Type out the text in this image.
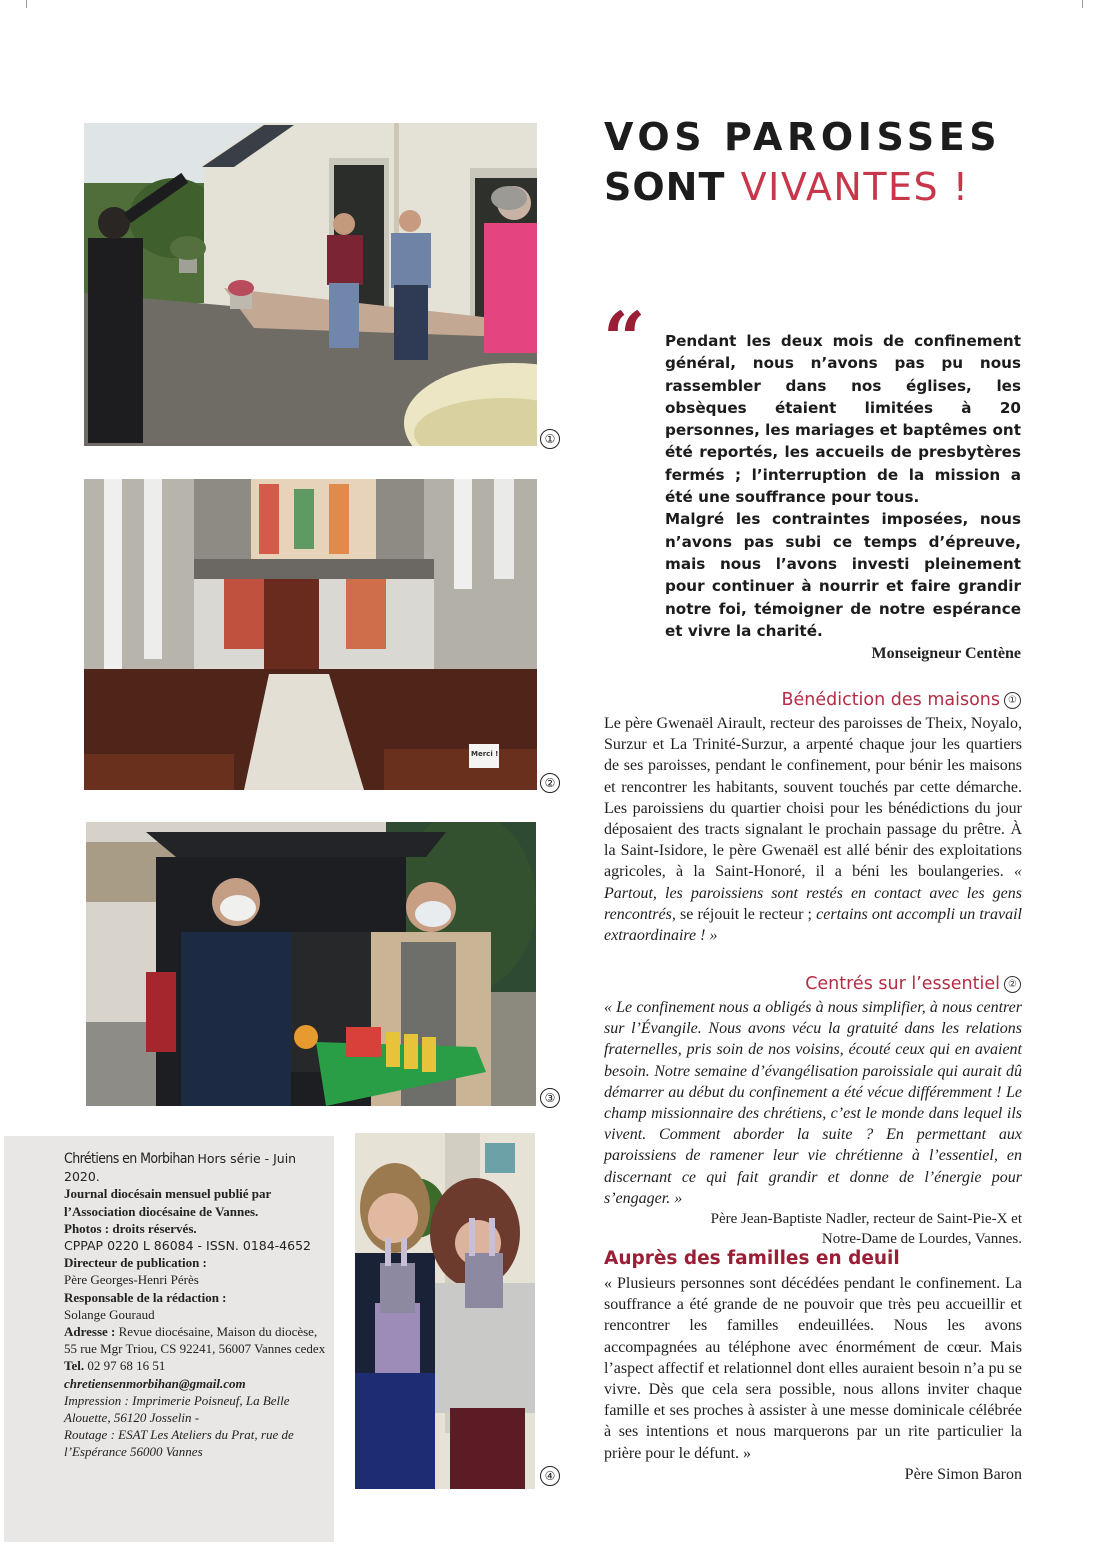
①
Merci !
②
③
④
VOS PAROISSES
SONT VIVANTES !
“ Pendant les deux mois de confinement général, nous n’avons pas pu nous rassembler dans nos églises, les obsèques étaient limitées à 20 personnes, les mariages et baptêmes ont été reportés, les accueils de presbytères fermés ; l’interruption de la mission a été une souffrance pour tous.

Malgré les contraintes imposées, nous n’avons pas subi ce temps d’épreuve, mais nous l’avons investi pleinement pour continuer à nourrir et faire grandir notre foi, témoigner de notre espérance et vivre la charité.

Monseigneur Centène
Bénédiction des maisons ①

Le père Gwenaël Airault, recteur des paroisses de Theix, Noyalo, Surzur et La Trinité-Surzur, a arpenté chaque jour les quartiers de ses paroisses, pendant le confinement, pour bénir les maisons et rencontrer les habitants, souvent touchés par cette démarche. Les paroissiens du quartier choisi pour les bénédictions du jour déposaient des tracts signalant le prochain passage du prêtre. À la Saint-Isidore, le père Gwenaël est allé bénir des exploitations agricoles, à la Saint-Honoré, il a béni les boulangeries. « Partout, les paroissiens sont restés en contact avec les gens rencontrés, se réjouit le recteur ; certains ont accompli un travail extraordinaire ! »

Centrés sur l’essentiel ②

« Le confinement nous a obligés à nous simplifier, à nous centrer sur l’Évangile. Nous avons vécu la gratuité dans les relations fraternelles, pris soin de nos voisins, écouté ceux qui en avaient besoin. Notre semaine d’évangélisation paroissiale qui aurait dû démarrer au début du confinement a été vécue différemment ! Le champ missionnaire des chrétiens, c’est le monde dans lequel ils vivent. Comment aborder la suite ? En permettant aux paroissiens de ramener leur vie chrétienne à l’essentiel, en discernant ce qui fait grandir et donne de l’énergie pour s’engager. »

Père Jean-Baptiste Nadler, recteur de Saint-Pie-X et
Notre-Dame de Lourdes, Vannes.
Auprès des familles en deuil

« Plusieurs personnes sont décédées pendant le confinement. La souffrance a été grande de ne pouvoir que très peu accueillir et rencontrer les familles endeuillées. Nous les avons accompagnées au téléphone avec énormément de cœur. Mais l’aspect affectif et relationnel dont elles auraient besoin n’a pu se vivre. Dès que cela sera possible, nous allons inviter chaque famille et ses proches à assister à une messe dominicale célébrée à ses intentions et nous marquerons par un rite particulier la prière pour le défunt. »

Père Simon Baron
Chrétiens en Morbihan Hors série - Juin 2020.
Journal diocésain mensuel publié par l’Association diocésaine de Vannes.
Photos : droits réservés.
CPPAP 0220 L 86084 - ISSN. 0184-4652
Directeur de publication :
Père Georges-Henri Pérès
Responsable de la rédaction :
Solange Gouraud
Adresse : Revue diocésaine, Maison du diocèse, 55 rue Mgr Triou, CS 92241, 56007 Vannes cedex
Tel. 02 97 68 16 51
chretiensenmorbihan@gmail.com
Impression : Imprimerie Poisneuf, La Belle Alouette, 56120 Josselin -
Routage : ESAT Les Ateliers du Prat, rue de l’Espérance 56000 Vannes
